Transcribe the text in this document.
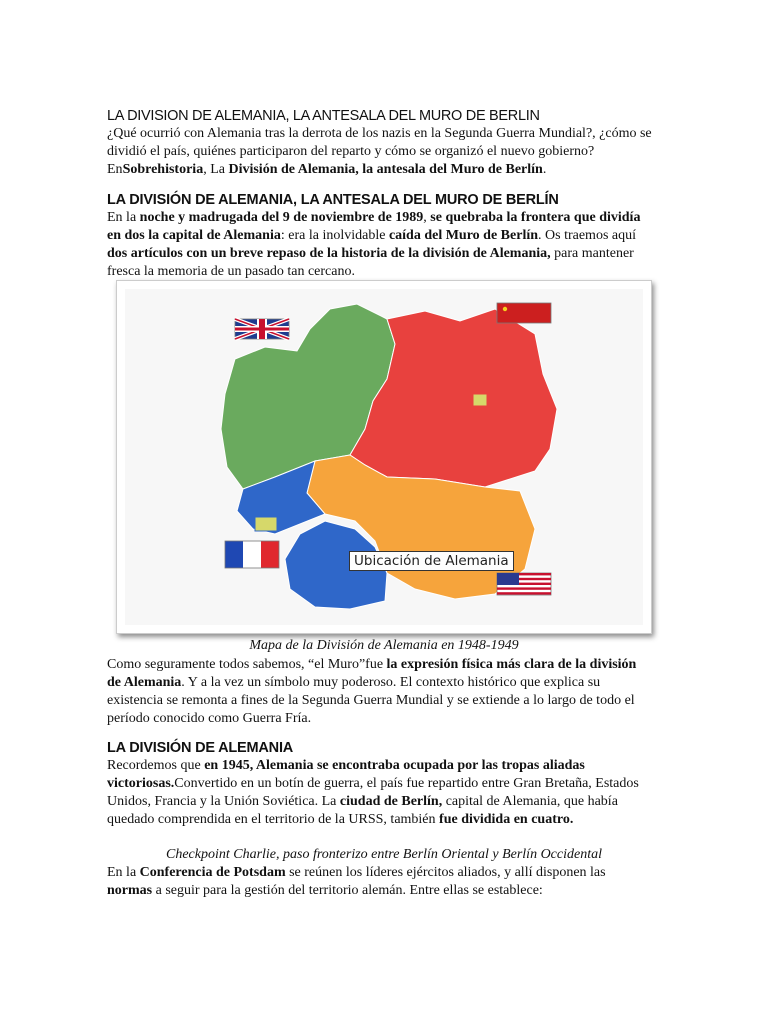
LA DIVISION DE ALEMANIA, LA ANTESALA DEL MURO DE BERLIN
¿Qué ocurrió con Alemania tras la derrota de los nazis en la Segunda Guerra Mundial?, ¿cómo se dividió el país, quiénes participaron del reparto y cómo se organizó el nuevo gobierno? EnSobrehistoria, La División de Alemania, la antesala del Muro de Berlín.
LA DIVISIÓN DE ALEMANIA, LA ANTESALA DEL MURO DE BERLÍN
En la noche y madrugada del 9 de noviembre de 1989, se quebraba la frontera que dividía en dos la capital de Alemania: era la inolvidable caída del Muro de Berlín. Os traemos aquí dos artículos con un breve repaso de la historia de la división de Alemania, para mantener fresca la memoria de un pasado tan cercano.
Ubicación de Alemania
Mapa de la División de Alemania en 1948-1949
Como seguramente todos sabemos, “el Muro”fue la expresión física más clara de la división de Alemania. Y a la vez un símbolo muy poderoso. El contexto histórico que explica su existencia se remonta a fines de la Segunda Guerra Mundial y se extiende a lo largo de todo el período conocido como Guerra Fría.
LA DIVISIÓN DE ALEMANIA
Recordemos que en 1945, Alemania se encontraba ocupada por las tropas aliadas victoriosas.Convertido en un botín de guerra, el país fue repartido entre Gran Bretaña, Estados Unidos, Francia y la Unión Soviética. La ciudad de Berlín, capital de Alemania, que había quedado comprendida en el territorio de la URSS, también fue dividida en cuatro.
Checkpoint Charlie, paso fronterizo entre Berlín Oriental y Berlín Occidental
En la Conferencia de Potsdam se reúnen los líderes ejércitos aliados, y allí disponen las normas a seguir para la gestión del territorio alemán. Entre ellas se establece:
